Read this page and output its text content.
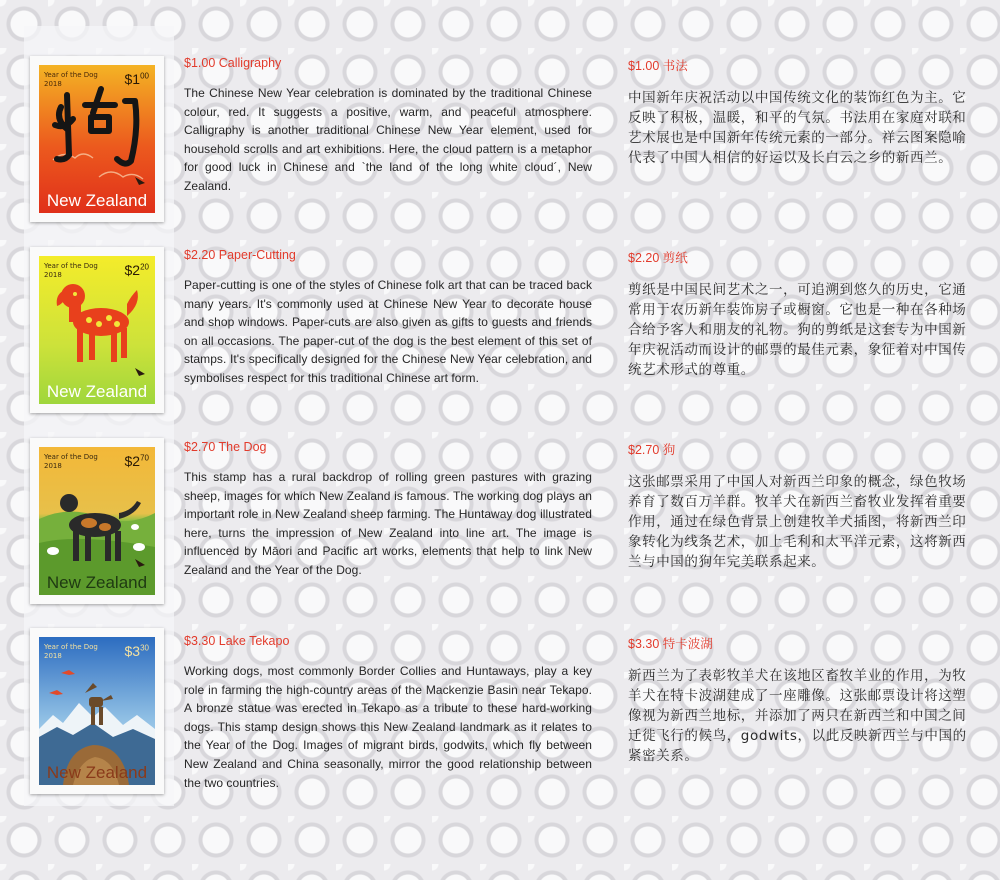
Year of the Dog
2018	$\$1^{00}$
New Zealand
Year of the Dog
2018	$\$2^{20}$
New Zealand
Year of the Dog
2018	$\$2^{70}$
New Zealand
Year of the Dog
2018	$\$3^{30}$
New Zealand
$1.00 Calligraphy

The Chinese New Year celebration is dominated by the traditional Chinese colour, red. It suggests a positive, warm, and peaceful atmosphere. Calligraphy is another traditional Chinese New Year element, used for household scrolls and art exhibitions. Here, the cloud pattern is a metaphor for good luck in Chinese and `the land of the long white cloud´, New Zealand.

$2.20 Paper-Cutting

Paper-cutting is one of the styles of Chinese folk art that can be traced back many years. It's commonly used at Chinese New Year to decorate house and shop windows. Paper-cuts are also given as gifts to guests and friends on all occasions. The paper-cut of the dog is the best element of this set of stamps. It's specifically designed for the Chinese New Year celebration, and symbolises respect for this traditional Chinese art form.

$2.70 The Dog

This stamp has a rural backdrop of rolling green pastures with grazing sheep, images for which New Zealand is famous. The working dog plays an important role in New Zealand sheep farming. The Huntaway dog illustrated here, turns the impression of New Zealand into line art. The image is influenced by Māori and Pacific art works, elements that help to link New Zealand and the Year of the Dog.

$3.30 Lake Tekapo

Working dogs, most commonly Border Collies and Huntaways, play a key role in farming the high-country areas of the Mackenzie Basin near Tekapo. A bronze statue was erected in Tekapo as a tribute to these hard-working dogs. This stamp design shows this New Zealand landmark as it relates to the Year of the Dog. Images of migrant birds, godwits, which fly between New Zealand and China seasonally, mirror the good relationship between the two countries.

$1.00 书法

中国新年庆祝活动以中国传统文化的装饰红色为主。它反映了积极，温暖，和平的气氛。书法用在家庭对联和艺术展也是中国新年传统元素的一部分。祥云图案隐喻代表了中国人相信的好运以及长白云之乡的新西兰。

$2.20 剪纸

剪纸是中国民间艺术之一，可追溯到悠久的历史，它通常用于农历新年装饰房子或橱窗。它也是一种在各种场合给予客人和朋友的礼物。狗的剪纸是这套专为中国新年庆祝活动而设计的邮票的最佳元素，象征着对中国传统艺术形式的尊重。

$2.70 狗

这张邮票采用了中国人对新西兰印象的概念，绿色牧场养育了数百万羊群。牧羊犬在新西兰畜牧业发挥着重要作用，通过在绿色背景上创建牧羊犬插图，将新西兰印象转化为线条艺术，加上毛利和太平洋元素，这将新西兰与中国的狗年完美联系起来。

$3.30 特卡波湖

新西兰为了表彰牧羊犬在该地区畜牧羊业的作用，为牧羊犬在特卡波湖建成了一座雕像。这张邮票设计将这塑像视为新西兰地标，并添加了两只在新西兰和中国之间迁徙飞行的候鸟，godwits，以此反映新西兰与中国的紧密关系。
